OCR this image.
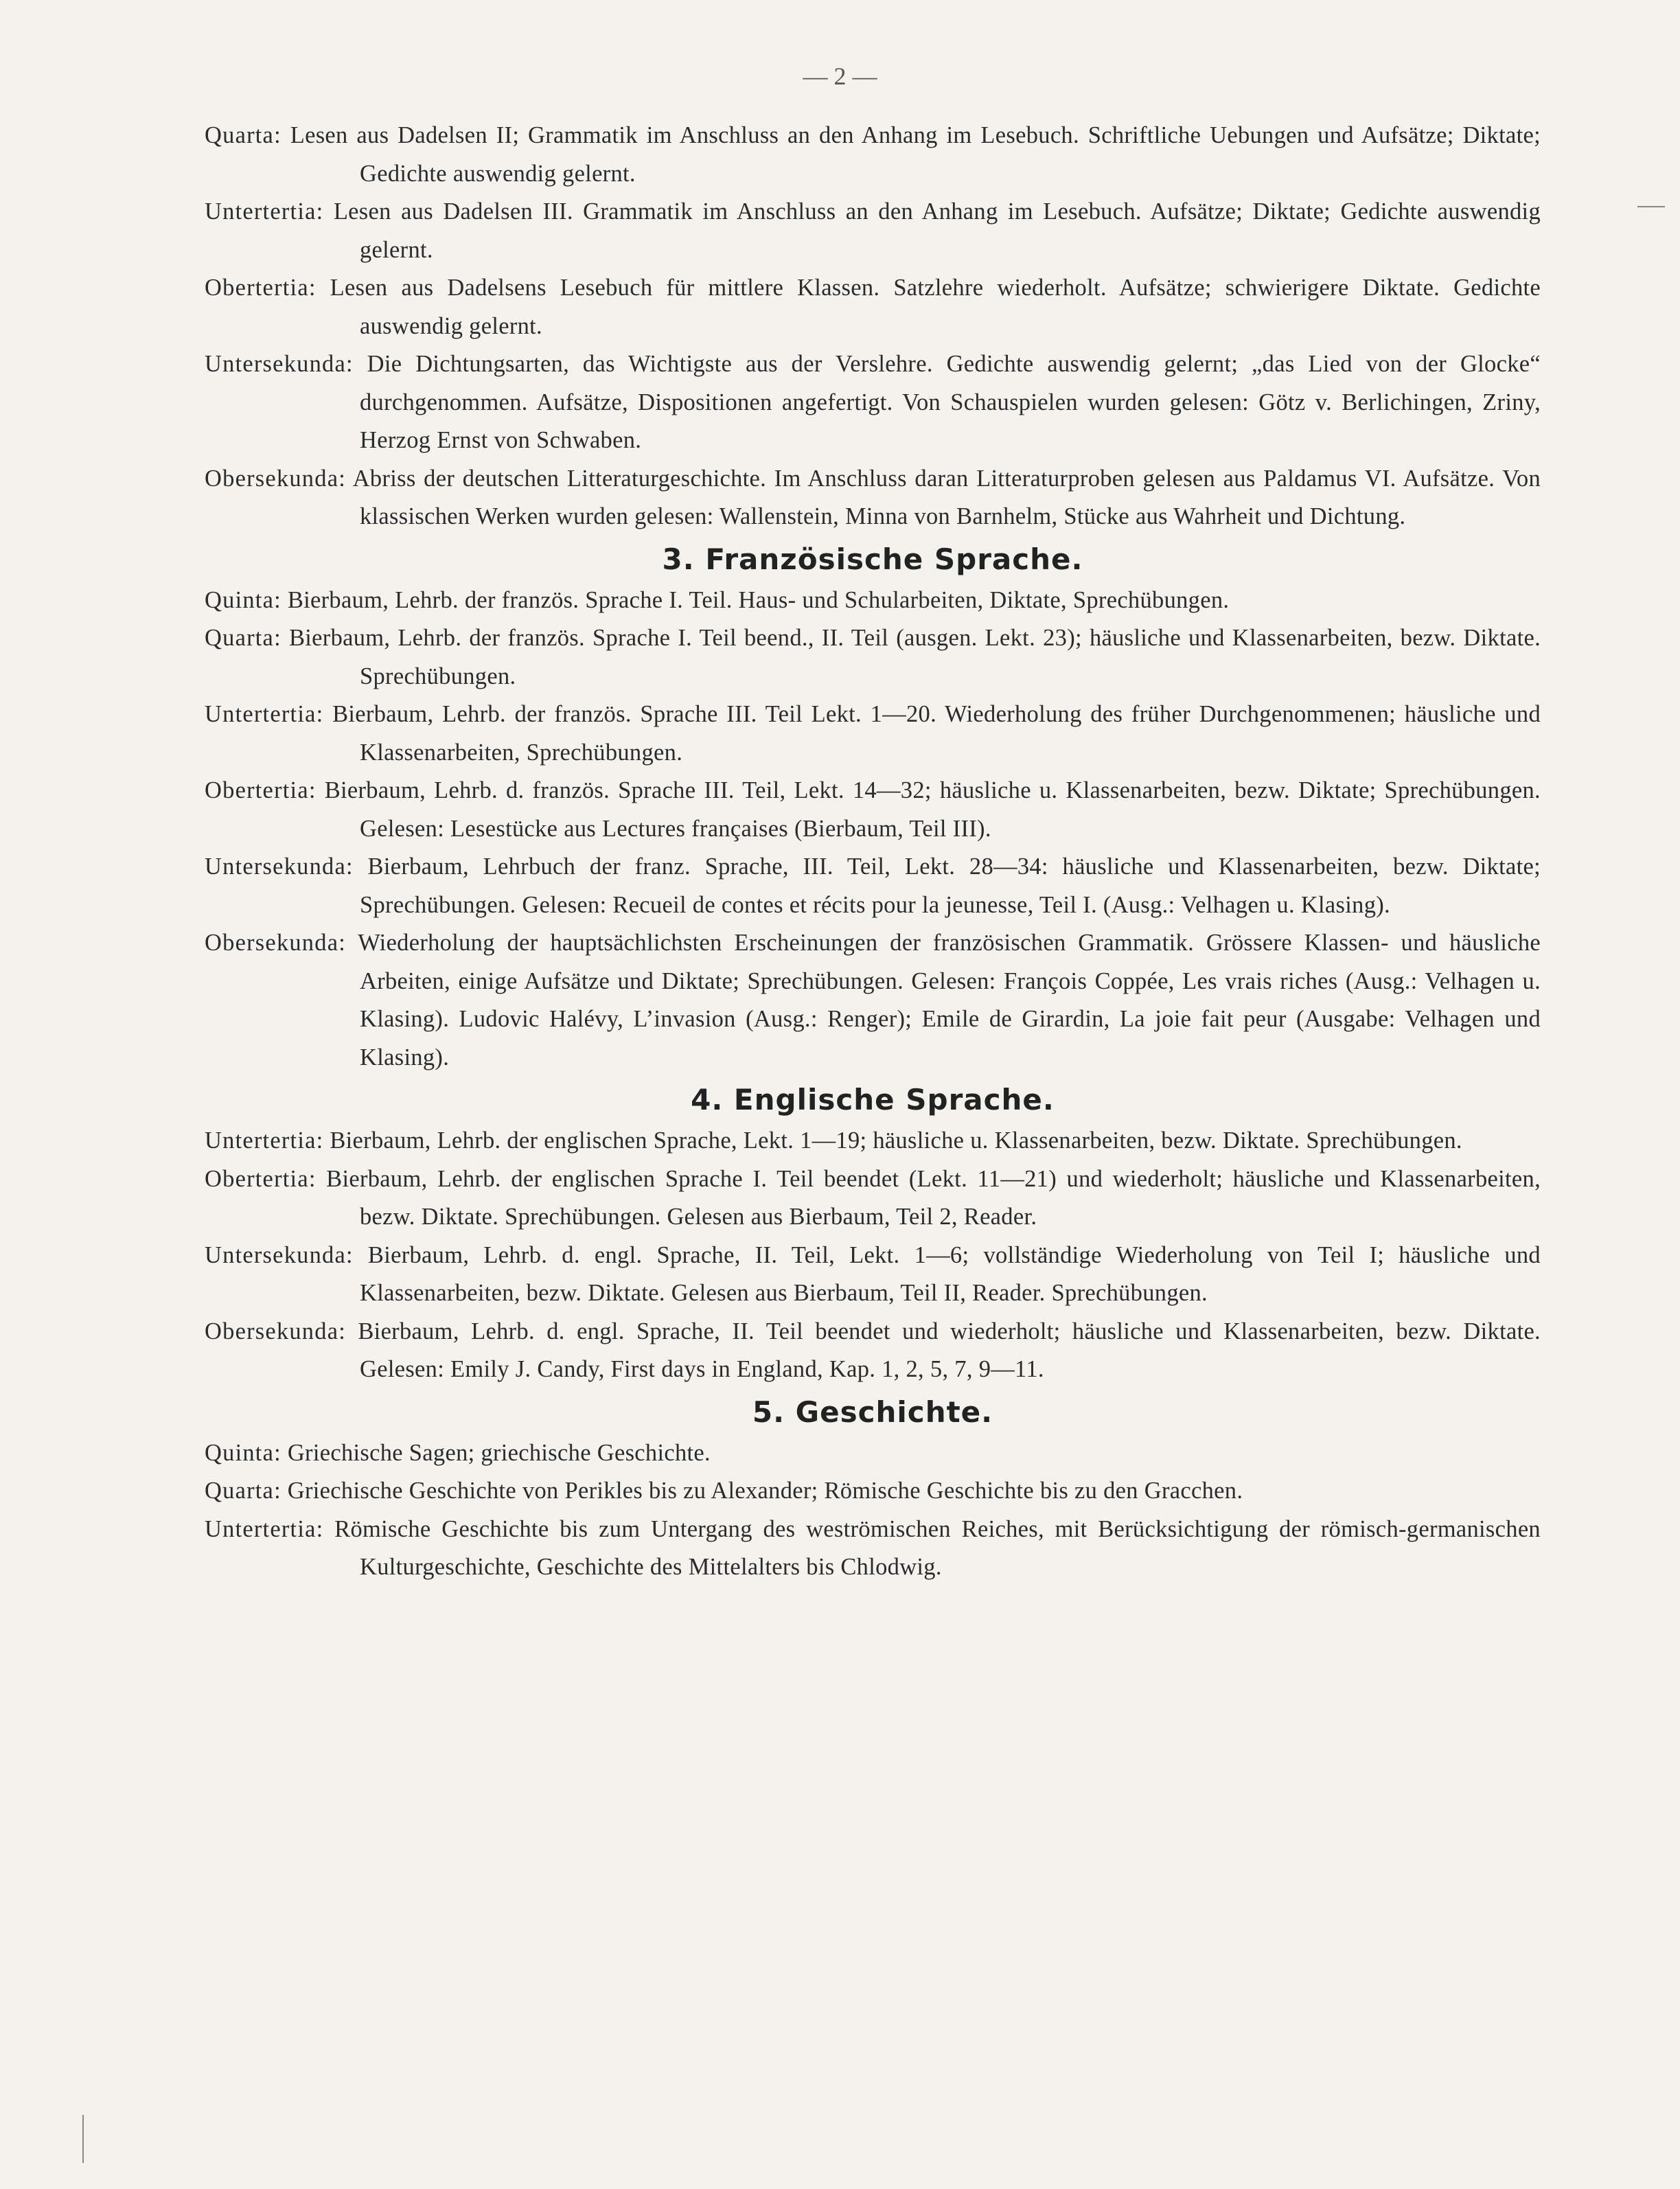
— 2 —
Quarta: Lesen aus Dadelsen II; Grammatik im Anschluss an den Anhang im Lesebuch. Schriftliche Uebungen und Aufsätze; Diktate; Gedichte auswendig gelernt.
Untertertia: Lesen aus Dadelsen III. Grammatik im Anschluss an den Anhang im Lesebuch. Aufsätze; Diktate; Gedichte auswendig gelernt.
Obertertia: Lesen aus Dadelsens Lesebuch für mittlere Klassen. Satzlehre wiederholt. Aufsätze; schwierigere Diktate. Gedichte auswendig gelernt.
Untersekunda: Die Dichtungsarten, das Wichtigste aus der Verslehre. Gedichte auswendig gelernt; „das Lied von der Glocke“ durchgenommen. Aufsätze, Dispositionen angefertigt. Von Schauspielen wurden gelesen: Götz v. Berlichingen, Zriny, Herzog Ernst von Schwaben.
Obersekunda: Abriss der deutschen Litteraturgeschichte. Im Anschluss daran Litteraturproben gelesen aus Paldamus VI. Aufsätze. Von klassischen Werken wurden gelesen: Wallenstein, Minna von Barnhelm, Stücke aus Wahrheit und Dichtung.
3. Französische Sprache.
Quinta: Bierbaum, Lehrb. der französ. Sprache I. Teil. Haus- und Schularbeiten, Diktate, Sprechübungen.
Quarta: Bierbaum, Lehrb. der französ. Sprache I. Teil beend., II. Teil (ausgen. Lekt. 23); häusliche und Klassenarbeiten, bezw. Diktate. Sprechübungen.
Untertertia: Bierbaum, Lehrb. der französ. Sprache III. Teil Lekt. 1—20. Wiederholung des früher Durchgenommenen; häusliche und Klassenarbeiten, Sprechübungen.
Obertertia: Bierbaum, Lehrb. d. französ. Sprache III. Teil, Lekt. 14—32; häusliche u. Klassenarbeiten, bezw. Diktate; Sprechübungen. Gelesen: Lesestücke aus Lectures françaises (Bierbaum, Teil III).
Untersekunda: Bierbaum, Lehrbuch der franz. Sprache, III. Teil, Lekt. 28—34: häusliche und Klassenarbeiten, bezw. Diktate; Sprechübungen. Gelesen: Recueil de contes et récits pour la jeunesse, Teil I. (Ausg.: Velhagen u. Klasing).
Obersekunda: Wiederholung der hauptsächlichsten Erscheinungen der französischen Grammatik. Grössere Klassen- und häusliche Arbeiten, einige Aufsätze und Diktate; Sprechübungen. Gelesen: François Coppée, Les vrais riches (Ausg.: Velhagen u. Klasing). Ludovic Halévy, L’invasion (Ausg.: Renger); Emile de Girardin, La joie fait peur (Ausgabe: Velhagen und Klasing).
4. Englische Sprache.
Untertertia: Bierbaum, Lehrb. der englischen Sprache, Lekt. 1—19; häusliche u. Klassenarbeiten, bezw. Diktate. Sprechübungen.
Obertertia: Bierbaum, Lehrb. der englischen Sprache I. Teil beendet (Lekt. 11—21) und wiederholt; häusliche und Klassenarbeiten, bezw. Diktate. Sprechübungen. Gelesen aus Bierbaum, Teil 2, Reader.
Untersekunda: Bierbaum, Lehrb. d. engl. Sprache, II. Teil, Lekt. 1—6; vollständige Wiederholung von Teil I; häusliche und Klassenarbeiten, bezw. Diktate. Gelesen aus Bierbaum, Teil II, Reader. Sprechübungen.
Obersekunda: Bierbaum, Lehrb. d. engl. Sprache, II. Teil beendet und wiederholt; häusliche und Klassenarbeiten, bezw. Diktate. Gelesen: Emily J. Candy, First days in England, Kap. 1, 2, 5, 7, 9—11.
5. Geschichte.
Quinta: Griechische Sagen; griechische Geschichte.
Quarta: Griechische Geschichte von Perikles bis zu Alexander; Römische Geschichte bis zu den Gracchen.
Untertertia: Römische Geschichte bis zum Untergang des weströmischen Reiches, mit Berücksichtigung der römisch-germanischen Kulturgeschichte, Geschichte des Mittelalters bis Chlodwig.
